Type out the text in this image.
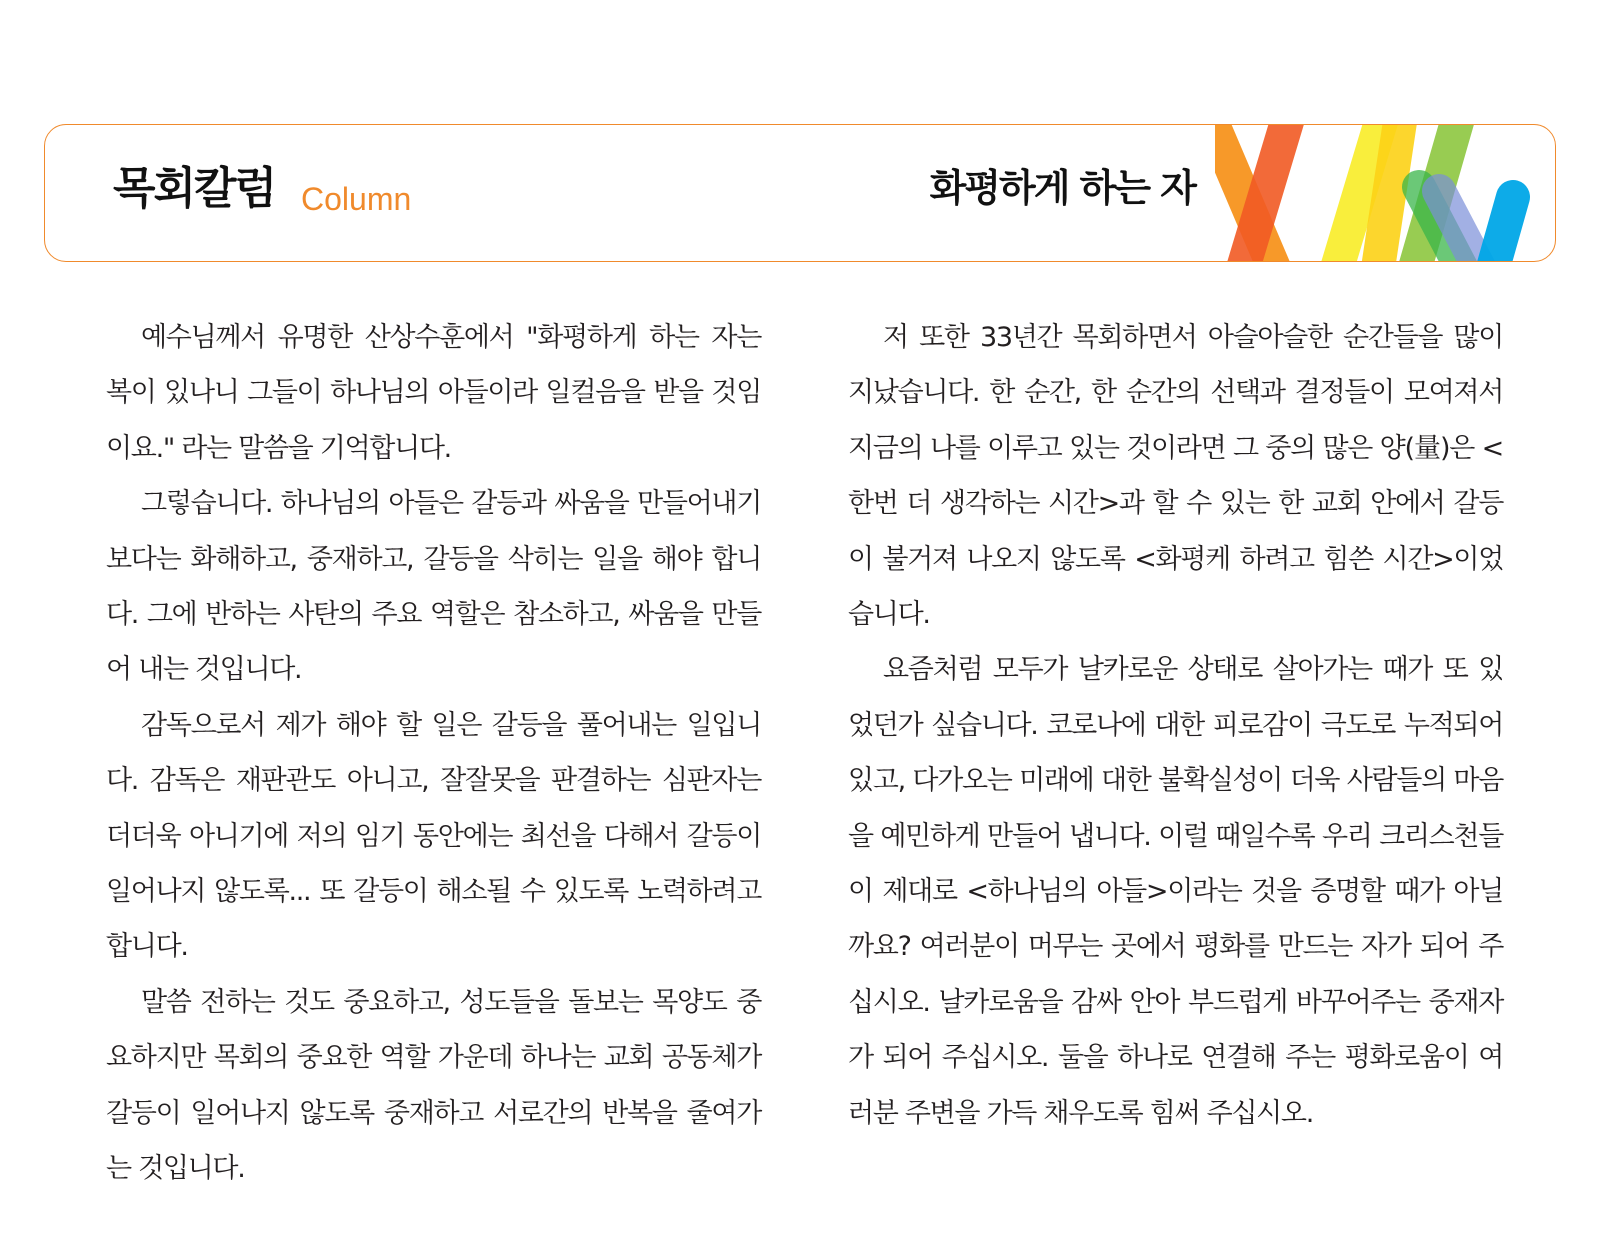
목회칼럼 Column	화평하게 하는 자

예수님께서 유명한 산상수훈에서 "화평하게 하는 자는 복이 있나니 그들이 하나님의 아들이라 일컬음을 받을 것임이요." 라는 말씀을 기억합니다.

그렇습니다. 하나님의 아들은 갈등과 싸움을 만들어내기 보다는 화해하고, 중재하고, 갈등을 삭히는 일을 해야 합니다. 그에 반하는 사탄의 주요 역할은 참소하고, 싸움을 만들어 내는 것입니다.

감독으로서 제가 해야 할 일은 갈등을 풀어내는 일입니다. 감독은 재판관도 아니고, 잘잘못을 판결하는 심판자는 더더욱 아니기에 저의 임기 동안에는 최선을 다해서 갈등이 일어나지 않도록... 또 갈등이 해소될 수 있도록 노력하려고 합니다.

말씀 전하는 것도 중요하고, 성도들을 돌보는 목양도 중요하지만 목회의 중요한 역할 가운데 하나는 교회 공동체가 갈등이 일어나지 않도록 중재하고 서로간의 반복을 줄여가는 것입니다.

저 또한 33년간 목회하면서 아슬아슬한 순간들을 많이 지났습니다. 한 순간, 한 순간의 선택과 결정들이 모여져서 지금의 나를 이루고 있는 것이라면 그 중의 많은 양(量)은 <한번 더 생각하는 시간>과 할 수 있는 한 교회 안에서 갈등이 불거져 나오지 않도록 <화평케 하려고 힘쓴 시간>이었습니다.

요즘처럼 모두가 날카로운 상태로 살아가는 때가 또 있었던가 싶습니다. 코로나에 대한 피로감이 극도로 누적되어 있고, 다가오는 미래에 대한 불확실성이 더욱 사람들의 마음을 예민하게 만들어 냅니다. 이럴 때일수록 우리 크리스천들이 제대로 <하나님의 아들>이라는 것을 증명할 때가 아닐까요? 여러분이 머무는 곳에서 평화를 만드는 자가 되어 주십시오. 날카로움을 감싸 안아 부드럽게 바꾸어주는 중재자가 되어 주십시오. 둘을 하나로 연결해 주는 평화로움이 여러분 주변을 가득 채우도록 힘써 주십시오.
